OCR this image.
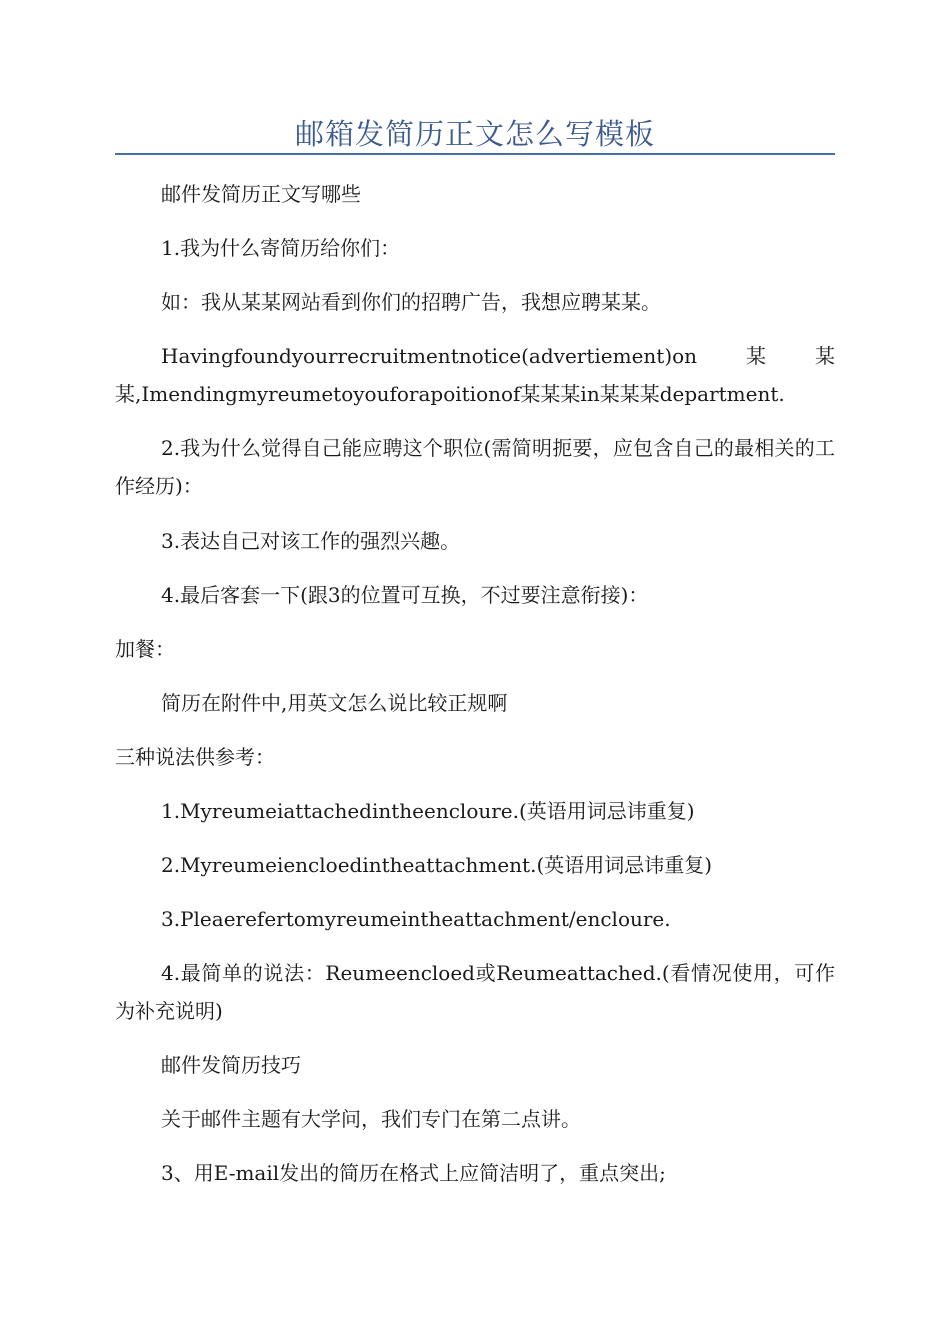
邮箱发简历正文怎么写模板

邮件发简历正文写哪些

1.我为什么寄简历给你们：

如：我从某某网站看到你们的招聘广告，我想应聘某某。

Havingfoundyourrecruitmentnotice(advertiement)on某某某,Imendingmyreumetoyouforapoitionof某某某in某某某department.

2.我为什么觉得自己能应聘这个职位(需简明扼要，应包含自己的最相关的工作经历)：

3.表达自己对该工作的强烈兴趣。

4.最后客套一下(跟3的位置可互换，不过要注意衔接)：

加餐：

简历在附件中,用英文怎么说比较正规啊

三种说法供参考：

1.Myreumeiattachedintheencloure.(英语用词忌讳重复)

2.Myreumeiencloedintheattachment.(英语用词忌讳重复)

3.Pleaerefertomyreumeintheattachment/encloure.

4.最简单的说法：Reumeencloed或Reumeattached.(看情况使用，可作为补充说明)

邮件发简历技巧

关于邮件主题有大学问，我们专门在第二点讲。

3、用E-mail发出的简历在格式上应简洁明了，重点突出;
